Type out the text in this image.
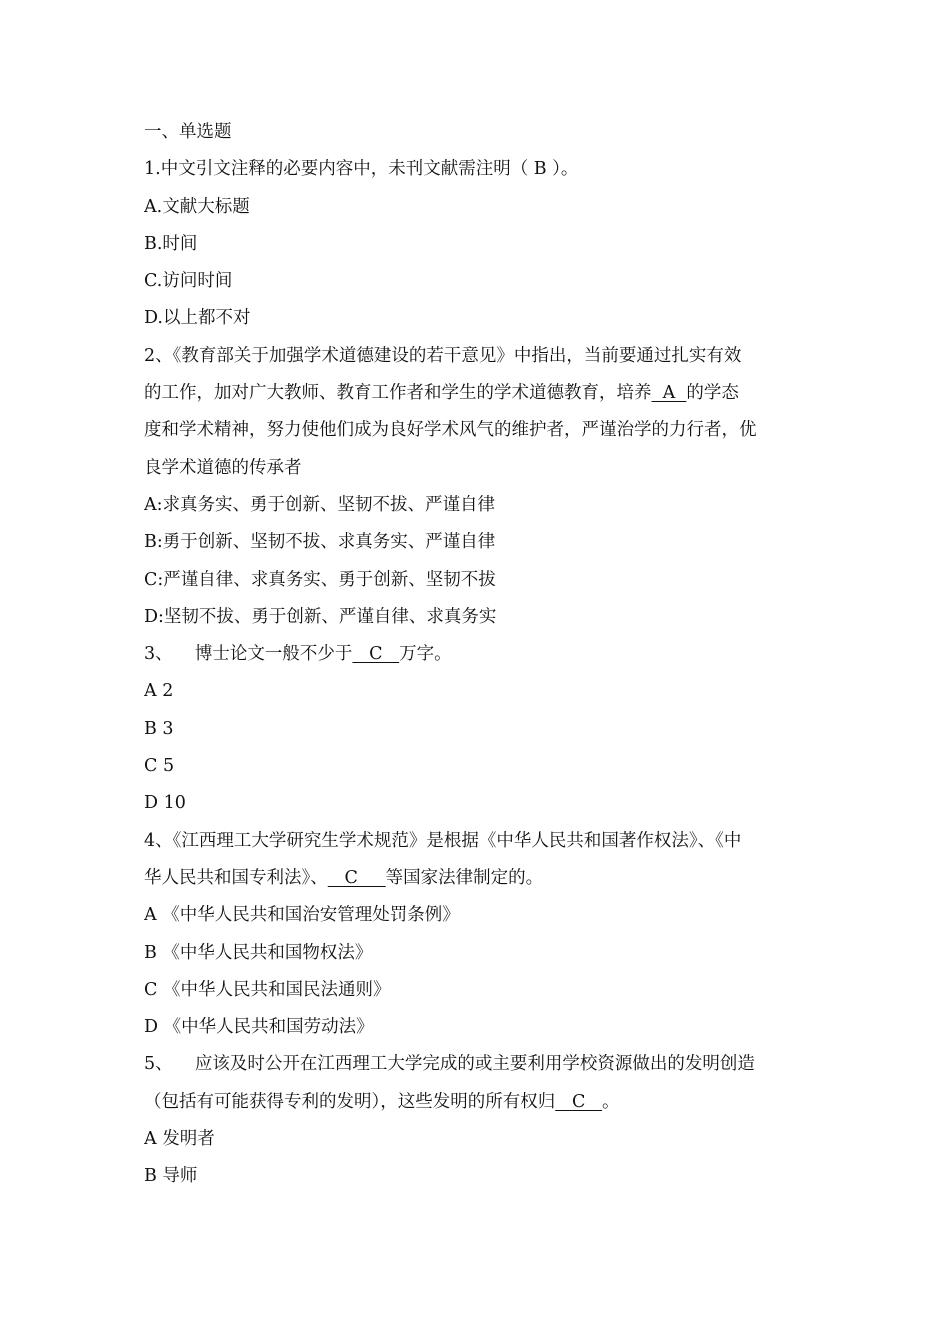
一、单选题
1.中文引文注释的必要内容中，未刊文献需注明（ B ）。
A.文献大标题
B.时间
C.访问时间
D.以上都不对
2、《教育部关于加强学术道德建设的若干意见》中指出，当前要通过扎实有效
的工作，加对广大教师、教育工作者和学生的学术道德教育，培养  A  的学态
度和学术精神，努力使他们成为良好学术风气的维护者，严谨治学的力行者，优
良学术道德的传承者
A:求真务实、勇于创新、坚韧不拔、严谨自律
B:勇于创新、坚韧不拔、求真务实、严谨自律
C:严谨自律、求真务实、勇于创新、坚韧不拔
D:坚韧不拔、勇于创新、严谨自律、求真务实
3、    博士论文一般不少于   C   万字。
A 2
B 3
C 5
D 10
4、《江西理工大学研究生学术规范》是根据《中华人民共和国著作权法》、《中
华人民共和国专利法》、   C     等国家法律制定的。
A 《中华人民共和国治安管理处罚条例》
B 《中华人民共和国物权法》
C 《中华人民共和国民法通则》
D 《中华人民共和国劳动法》
5、    应该及时公开在江西理工大学完成的或主要利用学校资源做出的发明创造
（包括有可能获得专利的发明），这些发明的所有权归   C   。
A 发明者
B 导师
